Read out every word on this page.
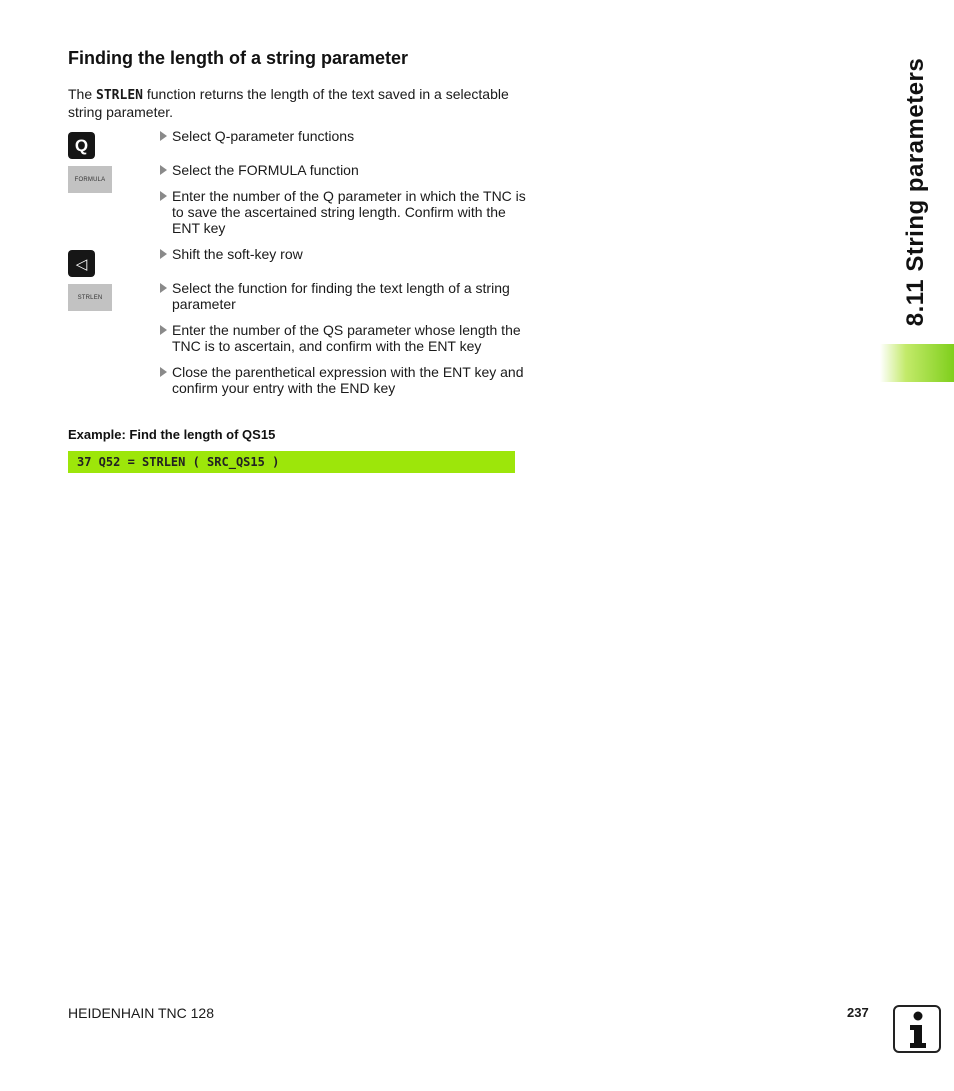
Finding the length of a string parameter

The STRLEN function returns the length of the text saved in a selectable string parameter.

Q
FORMULA
◁
STRLEN
Select Q-parameter functions
Select the FORMULA function
Enter the number of the Q parameter in which the TNC is to save the ascertained string length. Confirm with the ENT key
Shift the soft-key row
Select the function for finding the text length of a string parameter
Enter the number of the QS parameter whose length the TNC is to ascertain, and confirm with the ENT key
Close the parenthetical expression with the ENT key and confirm your entry with the END key
Example: Find the length of QS15
37 Q52 = STRLEN ( SRC_QS15 )
8.11 String parameters
HEIDENHAIN TNC 128	237
